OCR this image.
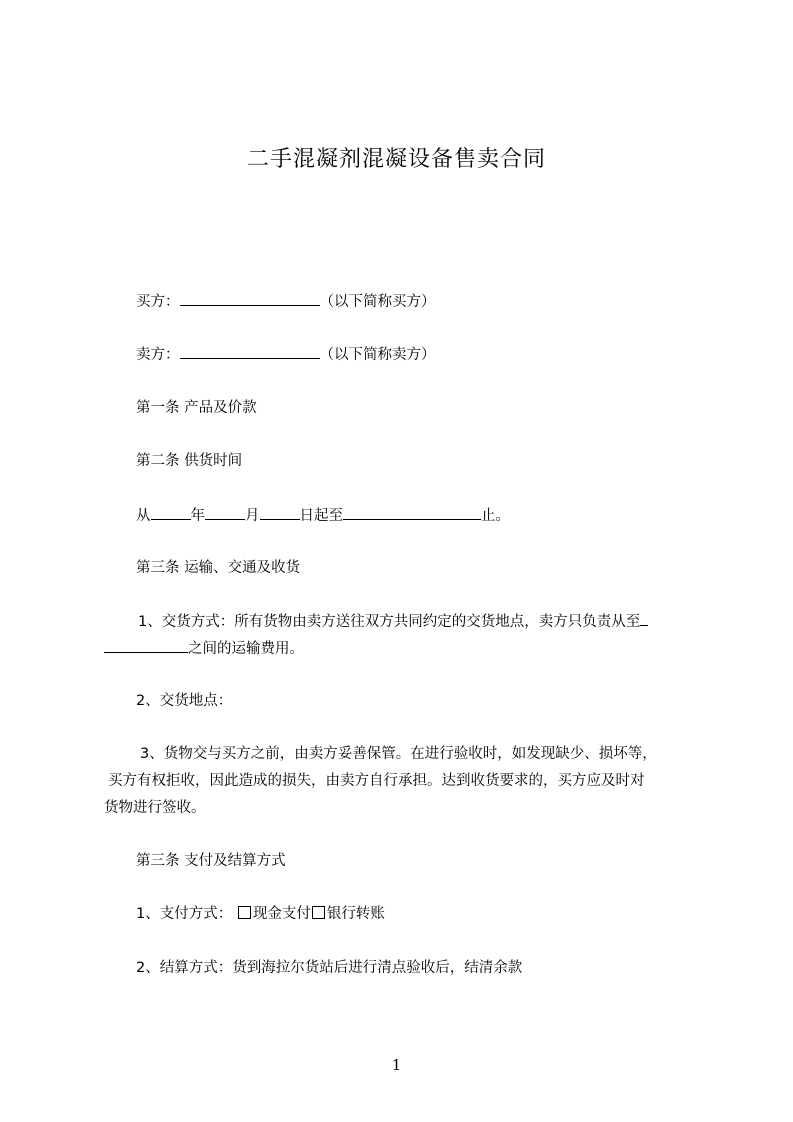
二手混凝剂混凝设备售卖合同
买方：	（以下简称买方）
卖方：	（以下简称卖方）
第一条 产品及价款
第二条 供货时间
从	年	月	日起至	止。
第三条 运输、交通及收货
1、交货方式：所有货物由卖方送往双方共同约定的交货地点，卖方只负责从至
之间的运输费用。
2、交货地点：
3、货物交与买方之前，由卖方妥善保管。在进行验收时，如发现缺少、损坏等，
买方有权拒收，因此造成的损失，由卖方自行承担。达到收货要求的，买方应及时对
货物进行签收。
第三条 支付及结算方式
1、支付方式： 现金支付 银行转账
2、结算方式：货到海拉尔货站后进行清点验收后，结清余款
1
